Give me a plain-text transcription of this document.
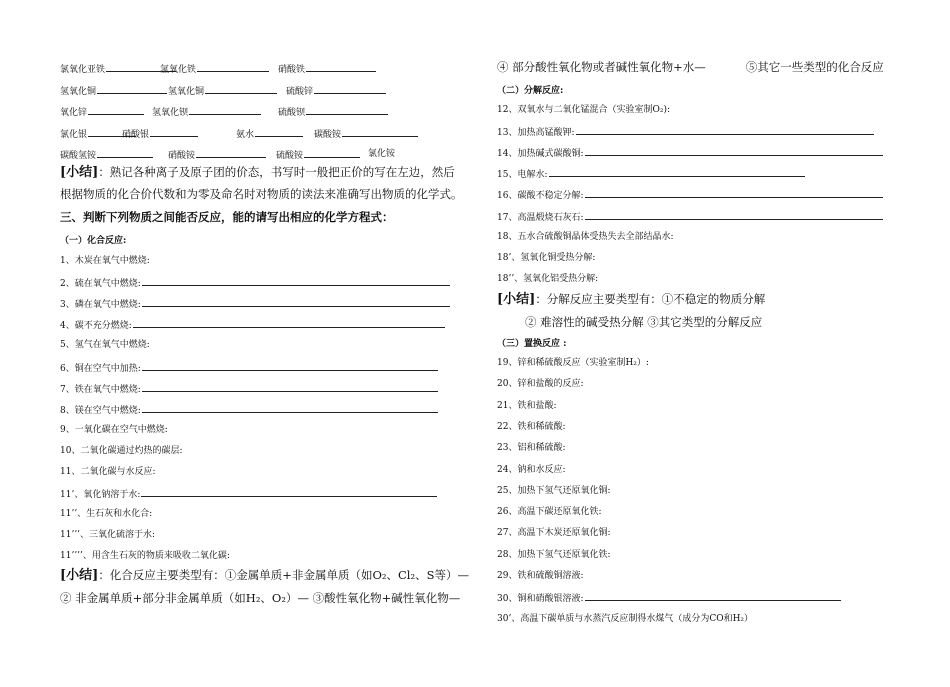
氯氧化亚铁	氢氧化铁	硝酸铁
氢氧化铜	氢氧化铜	硫酸锌
氧化锌	氢氧化钡	硫酸钡
氯化银	硝酸银	氨水	碳酸铵
碳酸氢铵	硝酸铵	硫酸铵	氯化铵
[小结]：熟记各种离子及原子团的价态，书写时一般把正价的写在左边，然后
根据物质的化合价代数和为零及命名时对物质的读法来准确写出物质的化学式。
三、判断下列物质之间能否反应，能的请写出相应的化学方程式：
（一）化合反应:
1、木炭在氧气中燃烧:
2、硫在氧气中燃烧:
3、磷在氧气中燃烧:
4、碳不充分燃烧:
5、氢气在氧气中燃烧:
6、铜在空气中加热:
7、铁在氧气中燃烧:
8、镁在空气中燃烧:
9、一氧化碳在空气中燃烧:
10、二氧化碳通过灼热的碳层:
11、二氧化碳与水反应:
11’、氧化钠溶于水:
11’’、生石灰和水化合:
11’’’、三氧化硫溶于水:
11’’’’、用含生石灰的物质来吸收二氧化碳:
[小结]：化合反应主要类型有：①金属单质+非金属单质（如O₂、Cl₂、S等）—
② 非金属单质+部分非金属单质（如H₂、O₂）— ③酸性氧化物+碱性氧化物—
④ 部分酸性氧化物或者碱性氧化物+水—	⑤其它一些类型的化合反应
（二）分解反应:
12、双氧水与二氧化锰混合（实验室制O₂):
13、加热高锰酸钾:
14、加热碱式碳酸铜:
15、电解水:
16、碳酸不稳定分解:
17、高温煅烧石灰石:
18、五水合硫酸铜晶体受热失去全部结晶水:
18’、氢氧化铜受热分解:
18’’、氢氧化铝受热分解:
[小结]：分解反应主要类型有：①不稳定的物质分解
② 难溶性的碱受热分解 ③其它类型的分解反应
（三）置换反应 :
19、锌和稀硫酸反应（实验室制H₂）:
20、锌和盐酸的反应:
21、铁和盐酸:
22、铁和稀硫酸:
23、铝和稀硫酸:
24、钠和水反应:
25、加热下氢气还原氧化铜:
26、高温下碳还原氧化铁:
27、高温下木炭还原氧化铜:
28、加热下氢气还原氧化铁:
29、铁和硫酸铜溶液:
30、铜和硝酸银溶液:
30’、高温下碳单质与水蒸汽反应制得水煤气（成分为CO和H₂）
